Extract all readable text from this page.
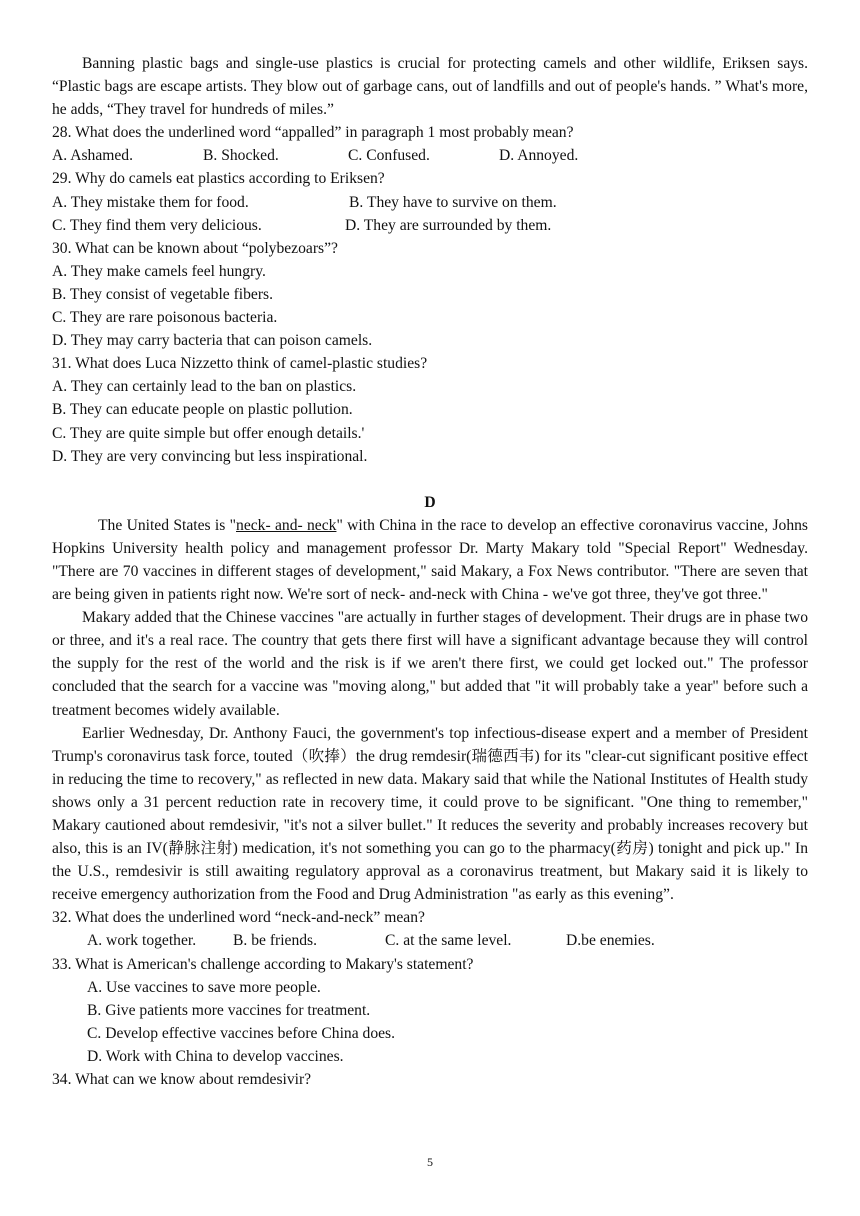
Banning plastic bags and single-use plastics is crucial for protecting camels and other wildlife, Eriksen says. “Plastic bags are escape artists. They blow out of garbage cans, out of landfills and out of people's hands. ” What's more, he adds, “They travel for hundreds of miles.”

28. What does the underlined word “appalled” in paragraph 1 most probably mean?

A. Ashamed.	B. Shocked.	C. Confused.	D. Annoyed.

29. Why do camels eat plastics according to Eriksen?

A. They mistake them for food.	B. They have to survive on them.
C. They find them very delicious.	D. They are surrounded by them.

30. What can be known about “polybezoars”?

A. They make camels feel hungry.

B. They consist of vegetable fibers.

C. They are rare poisonous bacteria.

D. They may carry bacteria that can poison camels.

31. What does Luca Nizzetto think of camel-plastic studies?

A. They can certainly lead to the ban on plastics.

B. They can educate people on plastic pollution.

C. They are quite simple but offer enough details.'

D. They are very convincing but less inspirational.

D

The United States is "neck- and- neck" with China in the race to develop an effective coronavirus vaccine, Johns Hopkins University health policy and management professor Dr. Marty Makary told "Special Report" Wednesday. "There are 70 vaccines in different stages of development," said Makary, a Fox News contributor. "There are seven that are being given in patients right now. We're sort of neck- and-neck with China - we've got three, they've got three."

Makary added that the Chinese vaccines "are actually in further stages of development. Their drugs are in phase two or three, and it's a real race. The country that gets there first will have a significant advantage because they will control the supply for the rest of the world and the risk is if we aren't there first, we could get locked out." The professor concluded that the search for a vaccine was "moving along," but added that "it will probably take a year" before such a treatment becomes widely available.

Earlier Wednesday, Dr. Anthony Fauci, the government's top infectious-disease expert and a member of President Trump's coronavirus task force, touted（吹捧）the drug remdesir(瑞德西韦) for its "clear-cut significant positive effect in reducing the time to recovery," as reflected in new data. Makary said that while the National Institutes of Health study shows only a 31 percent reduction rate in recovery time, it could prove to be significant. "One thing to remember," Makary cautioned about remdesivir, "it's not a silver bullet." It reduces the severity and probably increases recovery but also, this is an IV(静脉注射) medication, it's not something you can go to the pharmacy(药房) tonight and pick up." In the U.S., remdesivir is still awaiting regulatory approval as a coronavirus treatment, but Makary said it is likely to receive emergency authorization from the Food and Drug Administration "as early as this evening”.

32. What does the underlined word “neck-and-neck” mean?

A. work together.	B. be friends.	C. at the same level.	D.be enemies.

33. What is American's challenge according to Makary's statement?

A. Use vaccines to save more people.

B. Give patients more vaccines for treatment.

C. Develop effective vaccines before China does.

D. Work with China to develop vaccines.

34. What can we know about remdesivir?

5
